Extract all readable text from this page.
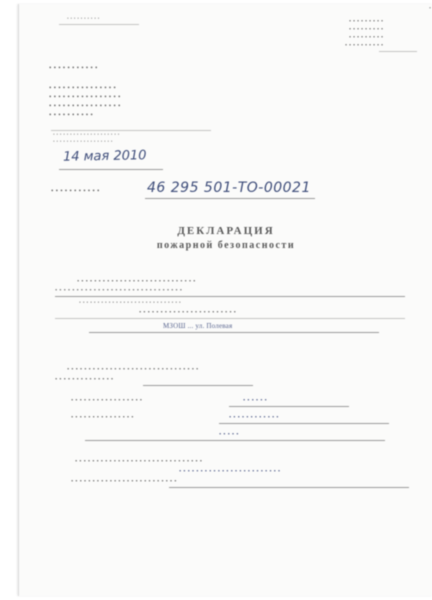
• • • • • • • • •
• • • • • • • • •
• • • • • • • • •
• • • • • • • • • •
• • • • • • • • • •
• • • • • • • • • • •
• • • • • • • • • • • • • • •
• • • • • • • • • • • • • • • •
• • • • • • • • • • • • • • • •
• • • • • • • • • •
• • • • • • • • • • • • • • • • • • • •
• • • • • • • • • • • • • • • • • •
14 мая 2010
• • • • • • • • • • •	46 295 501-ТО-00021
ДЕКЛАРАЦИЯ
пожарной безопасности
• • • • • • • • • • • • • • • • • • • • • • • • • • • •
• • • • • • • • • • • • • • • • • • • • • • • • • • • • • •
• • • • • • • • • • • • • • • • • • • • • • • • • • • •
• • • • • • • • • • • • • • • • • • • • • • •
МЗОШ ... ул. Полевая
• • • • • • • • • • • • • • • • • • • • • • • • • • • • • • •
• • • • • • • • • • • • • •
• • • • • • • • • • • • • • • • •	• • • • • •
• • • • • • • • • • • • • • •	• • • • • • • • • • • •
• • • • •
• • • • • • • • • • • • • • • • • • • • • • • • • • • • • •
• • • • • • • • • • • • • • • • • • • • • • • •
• • • • • • • • • • • • • • • • • • • • • • • • •
•
